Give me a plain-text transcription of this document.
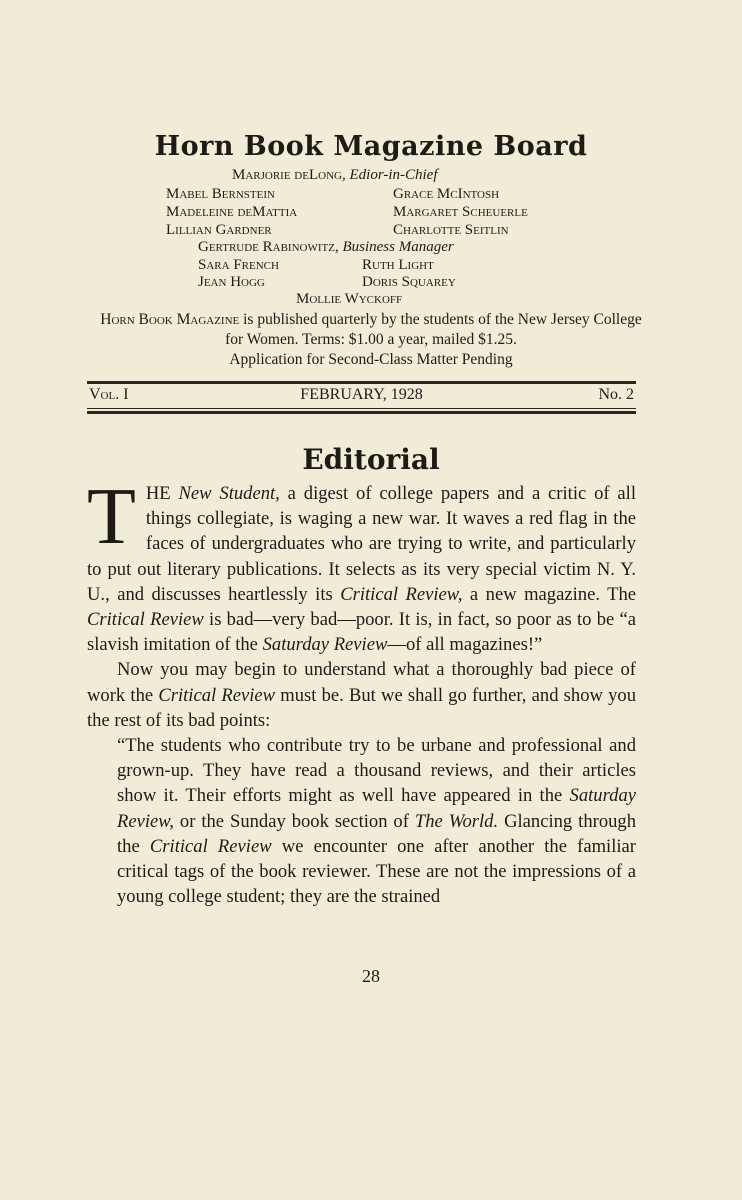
Horn Book Magazine Board
Marjorie deLong, Edior-in-Chief
Mabel Bernstein
Madeleine deMattia
Lillian Gardner
Grace McIntosh
Margaret Scheuerle
Charlotte Seitlin
Gertrude Rabinowitz, Business Manager
Sara French
Jean Hogg
Ruth Light
Doris Squarey
Mollie Wyckoff
Horn Book Magazine is published quarterly by the students of the New Jersey College for Women. Terms: $1.00 a year, mailed $1.25.
Application for Second-Class Matter Pending
Vol. I	FEBRUARY, 1928	No. 2
Editorial

THE New Student, a digest of college papers and a critic of all things collegiate, is waging a new war. It waves a red flag in the faces of undergraduates who are trying to write, and particularly to put out literary publications. It selects as its very special victim N. Y. U., and discusses heartlessly its Critical Review, a new magazine. The Critical Review is bad—very bad—poor. It is, in fact, so poor as to be “a slavish imitation of the Saturday Review—of all magazines!”

Now you may begin to understand what a thoroughly bad piece of work the Critical Review must be. But we shall go further, and show you the rest of its bad points:

“The students who contribute try to be urbane and professional and grown-up. They have read a thousand reviews, and their articles show it. Their efforts might as well have appeared in the Saturday Review, or the Sunday book section of The World. Glancing through the Critical Review we encounter one after another the familiar critical tags of the book reviewer. These are not the impressions of a young college student; they are the strained

28
